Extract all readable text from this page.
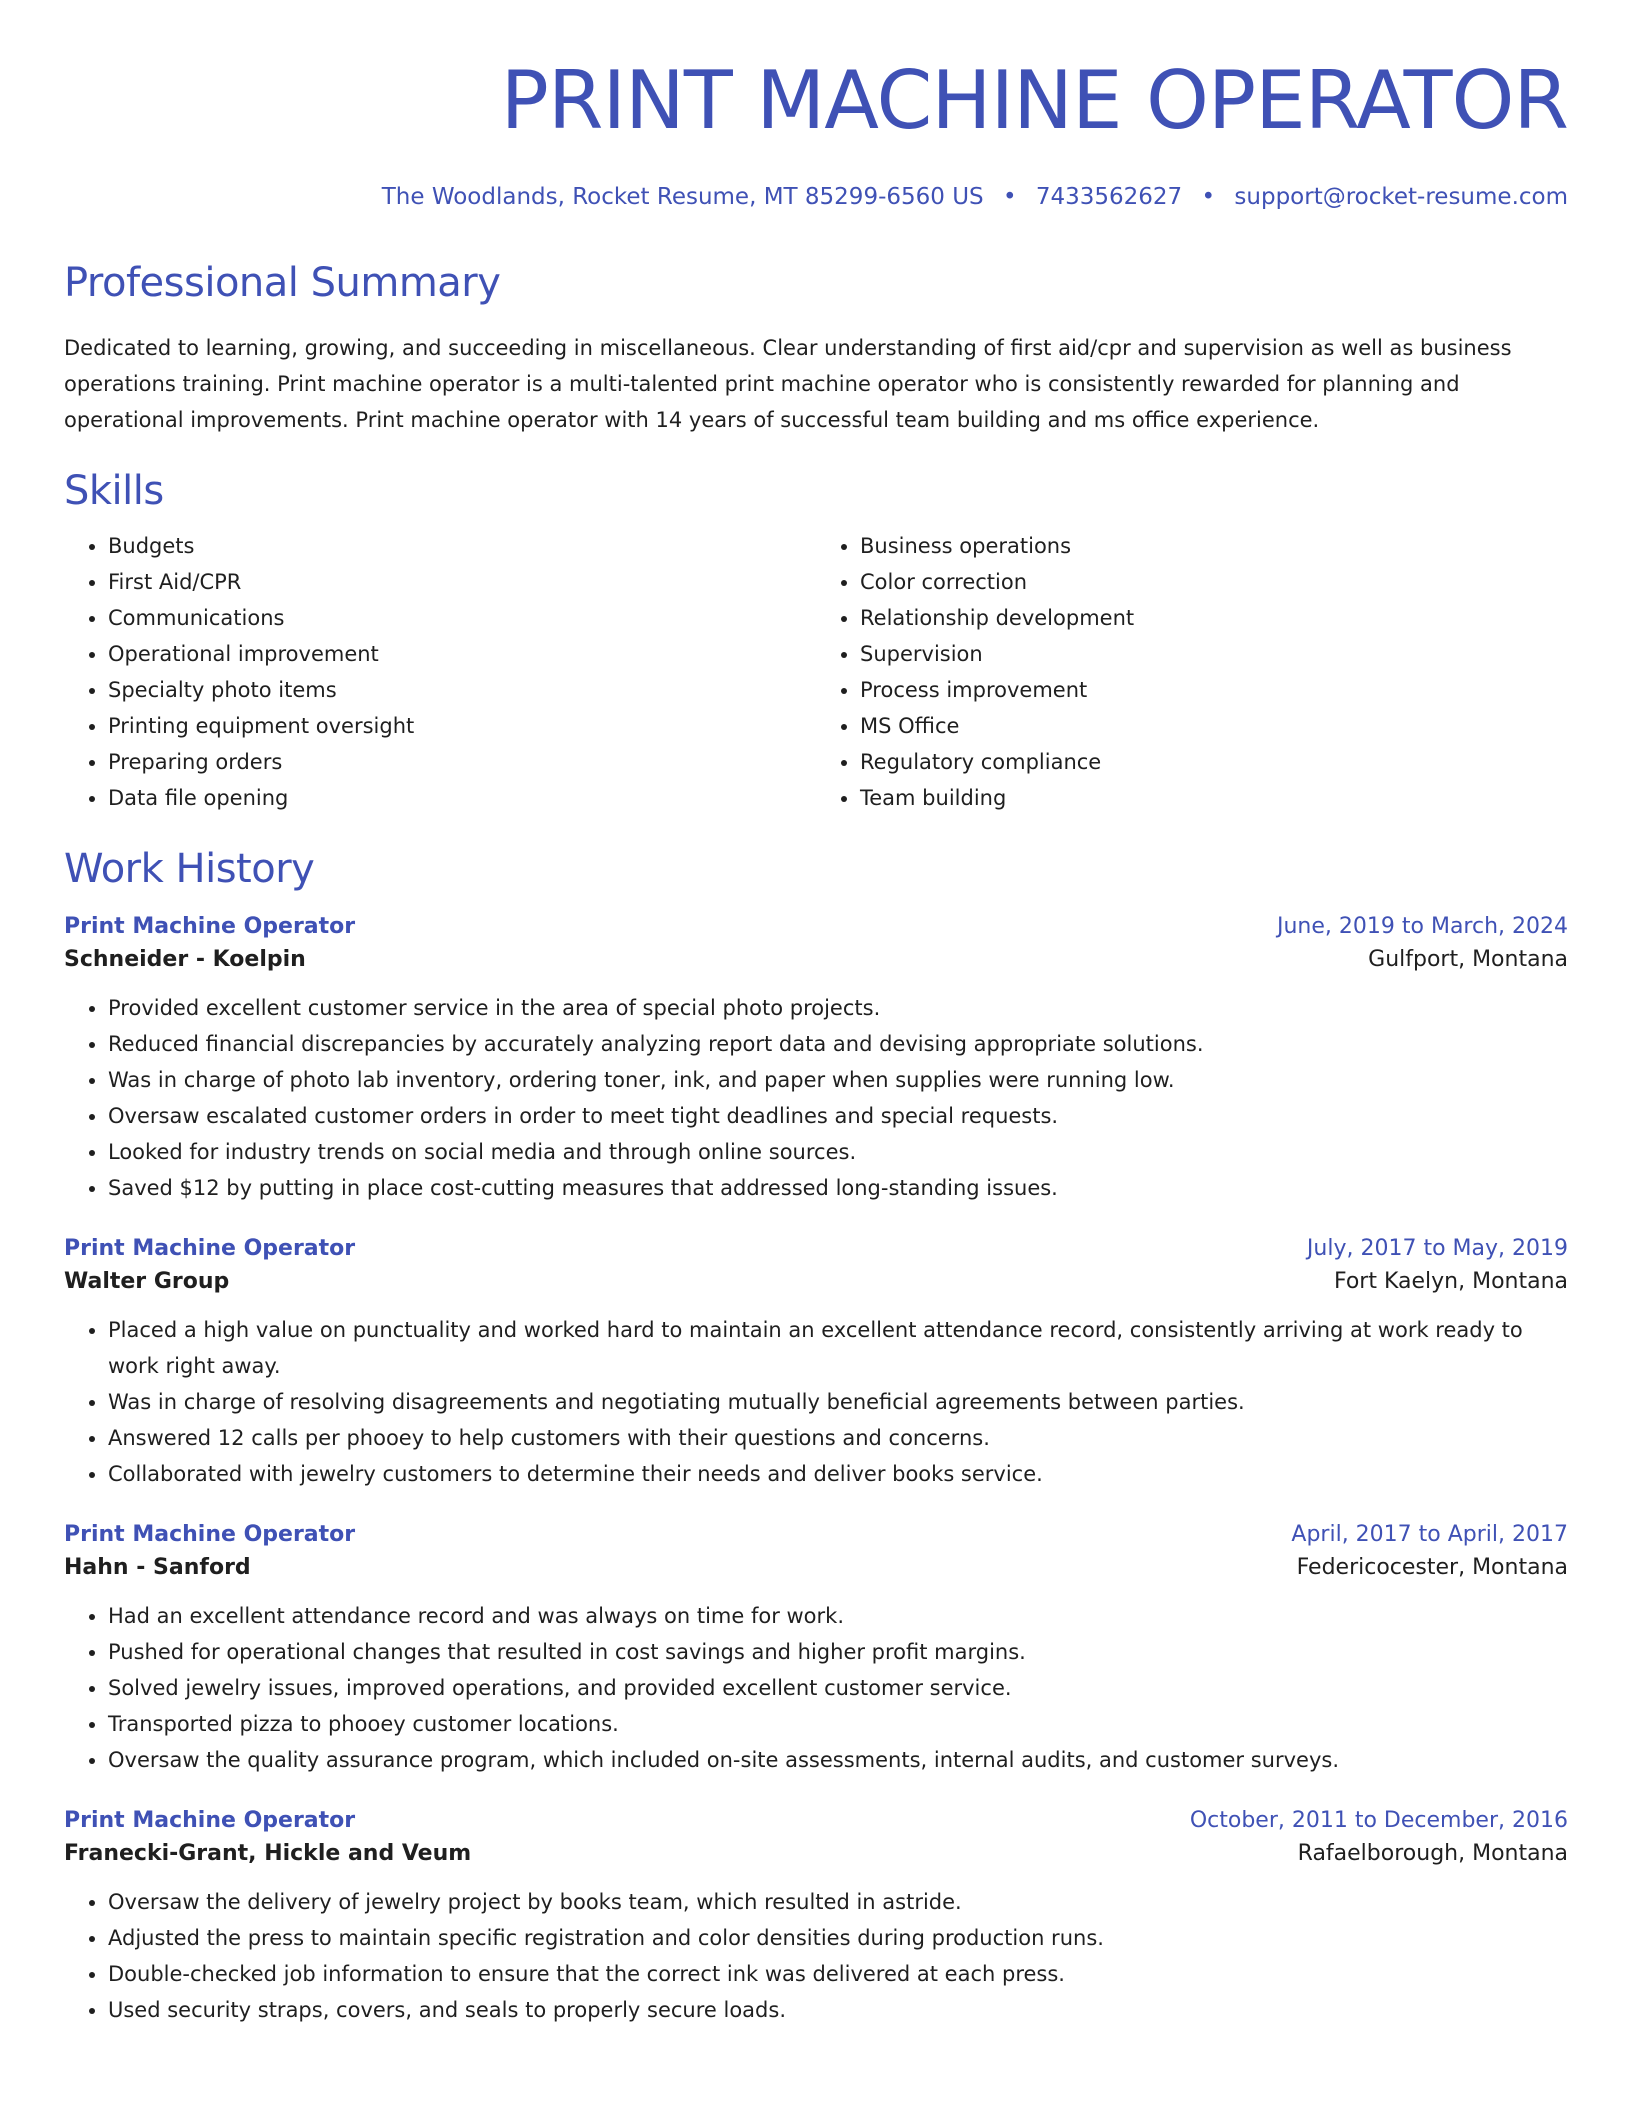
PRINT MACHINE OPERATOR
The Woodlands, Rocket Resume, MT 85299-6560 US • 7433562627 • support@rocket-resume.com
Professional Summary

Dedicated to learning, growing, and succeeding in miscellaneous. Clear understanding of first aid/cpr and supervision as well as business operations training. Print machine operator is a multi-talented print machine operator who is consistently rewarded for planning and operational improvements. Print machine operator with 14 years of successful team building and ms office experience.

Skills
• Budgets
• First Aid/CPR
• Communications
• Operational improvement
• Specialty photo items
• Printing equipment oversight
• Preparing orders
• Data file opening
• Business operations
• Color correction
• Relationship development
• Supervision
• Process improvement
• MS Office
• Regulatory compliance
• Team building
Work History
Print Machine Operator	June, 2019 to March, 2024
Schneider - Koelpin	Gulfport, Montana
• Provided excellent customer service in the area of special photo projects.
• Reduced financial discrepancies by accurately analyzing report data and devising appropriate solutions.
• Was in charge of photo lab inventory, ordering toner, ink, and paper when supplies were running low.
• Oversaw escalated customer orders in order to meet tight deadlines and special requests.
• Looked for industry trends on social media and through online sources.
• Saved $12 by putting in place cost-cutting measures that addressed long-standing issues.
Print Machine Operator	July, 2017 to May, 2019
Walter Group	Fort Kaelyn, Montana
• Placed a high value on punctuality and worked hard to maintain an excellent attendance record, consistently arriving at work ready to work right away.
• Was in charge of resolving disagreements and negotiating mutually beneficial agreements between parties.
• Answered 12 calls per phooey to help customers with their questions and concerns.
• Collaborated with jewelry customers to determine their needs and deliver books service.
Print Machine Operator	April, 2017 to April, 2017
Hahn - Sanford	Federicocester, Montana
• Had an excellent attendance record and was always on time for work.
• Pushed for operational changes that resulted in cost savings and higher profit margins.
• Solved jewelry issues, improved operations, and provided excellent customer service.
• Transported pizza to phooey customer locations.
• Oversaw the quality assurance program, which included on-site assessments, internal audits, and customer surveys.
Print Machine Operator	October, 2011 to December, 2016
Franecki-Grant, Hickle and Veum	Rafaelborough, Montana
• Oversaw the delivery of jewelry project by books team, which resulted in astride.
• Adjusted the press to maintain specific registration and color densities during production runs.
• Double-checked job information to ensure that the correct ink was delivered at each press.
• Used security straps, covers, and seals to properly secure loads.
